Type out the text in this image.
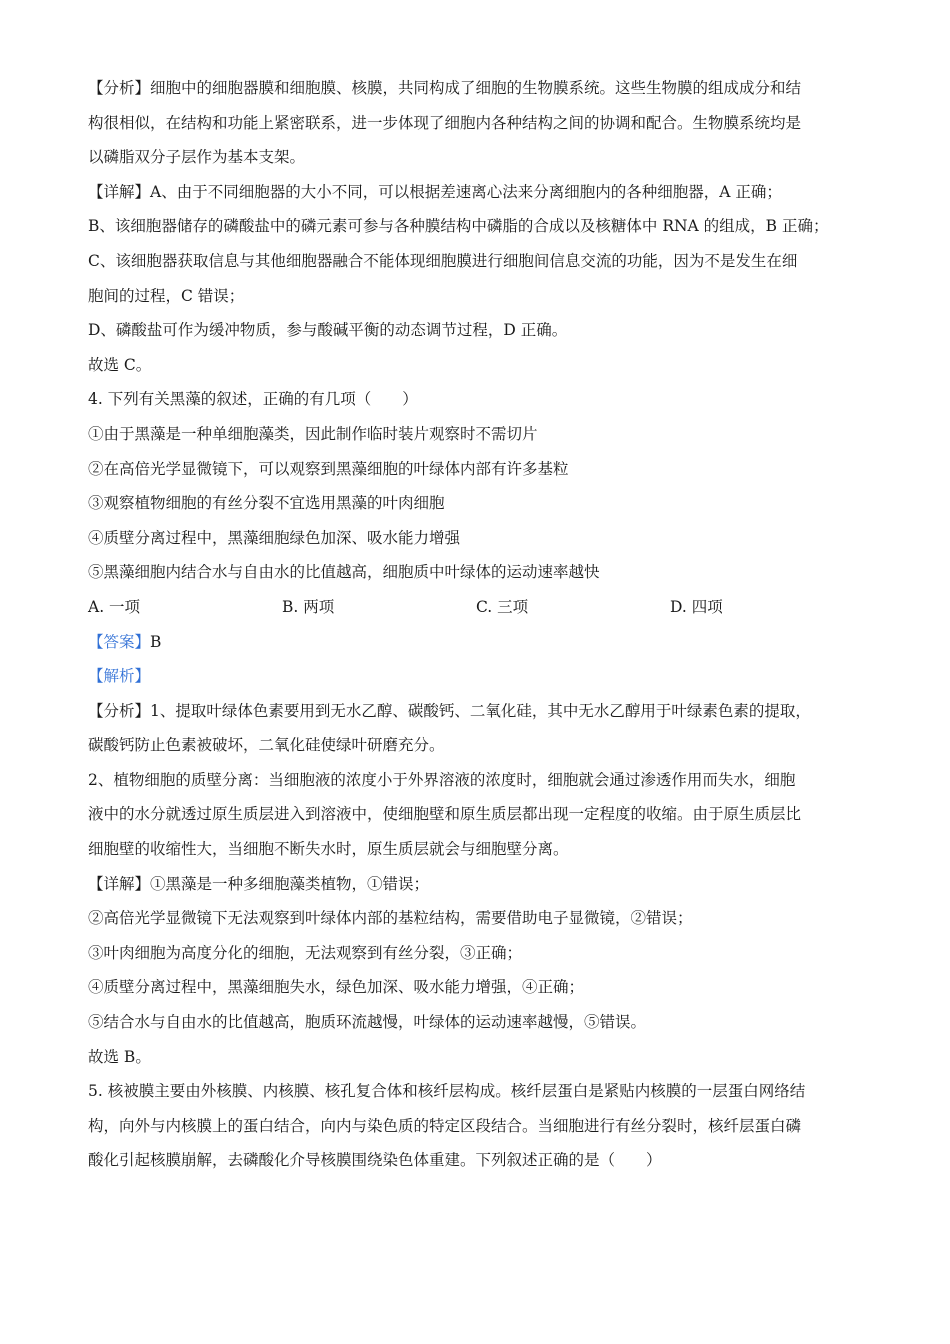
【分析】细胞中的细胞器膜和细胞膜、核膜，共同构成了细胞的生物膜系统。这些生物膜的组成成分和结
构很相似，在结构和功能上紧密联系，进一步体现了细胞内各种结构之间的协调和配合。生物膜系统均是
以磷脂双分子层作为基本支架。
【详解】A、由于不同细胞器的大小不同，可以根据差速离心法来分离细胞内的各种细胞器，A 正确；
B、该细胞器储存的磷酸盐中的磷元素可参与各种膜结构中磷脂的合成以及核糖体中 RNA 的组成，B 正确；
C、该细胞器获取信息与其他细胞器融合不能体现细胞膜进行细胞间信息交流的功能，因为不是发生在细
胞间的过程，C 错误；
D、磷酸盐可作为缓冲物质，参与酸碱平衡的动态调节过程，D 正确。
故选 C。
4. 下列有关黑藻的叙述，正确的有几项（　　）
①由于黑藻是一种单细胞藻类，因此制作临时装片观察时不需切片
②在高倍光学显微镜下，可以观察到黑藻细胞的叶绿体内部有许多基粒
③观察植物细胞的有丝分裂不宜选用黑藻的叶肉细胞
④质壁分离过程中，黑藻细胞绿色加深、吸水能力增强
⑤黑藻细胞内结合水与自由水的比值越高，细胞质中叶绿体的运动速率越快
A. 一项	B. 两项	C. 三项	D. 四项
【答案】B
【解析】
【分析】1、提取叶绿体色素要用到无水乙醇、碳酸钙、二氧化硅，其中无水乙醇用于叶绿素色素的提取，
碳酸钙防止色素被破坏，二氧化硅使绿叶研磨充分。
2、植物细胞的质壁分离：当细胞液的浓度小于外界溶液的浓度时，细胞就会通过渗透作用而失水，细胞
液中的水分就透过原生质层进入到溶液中，使细胞壁和原生质层都出现一定程度的收缩。由于原生质层比
细胞壁的收缩性大，当细胞不断失水时，原生质层就会与细胞壁分离。
【详解】①黑藻是一种多细胞藻类植物，①错误；
②高倍光学显微镜下无法观察到叶绿体内部的基粒结构，需要借助电子显微镜，②错误；
③叶肉细胞为高度分化的细胞，无法观察到有丝分裂，③正确；
④质壁分离过程中，黑藻细胞失水，绿色加深、吸水能力增强，④正确；
⑤结合水与自由水的比值越高，胞质环流越慢，叶绿体的运动速率越慢，⑤错误。
故选 B。
5. 核被膜主要由外核膜、内核膜、核孔复合体和核纤层构成。核纤层蛋白是紧贴内核膜的一层蛋白网络结
构，向外与内核膜上的蛋白结合，向内与染色质的特定区段结合。当细胞进行有丝分裂时，核纤层蛋白磷
酸化引起核膜崩解，去磷酸化介导核膜围绕染色体重建。下列叙述正确的是（　　）
